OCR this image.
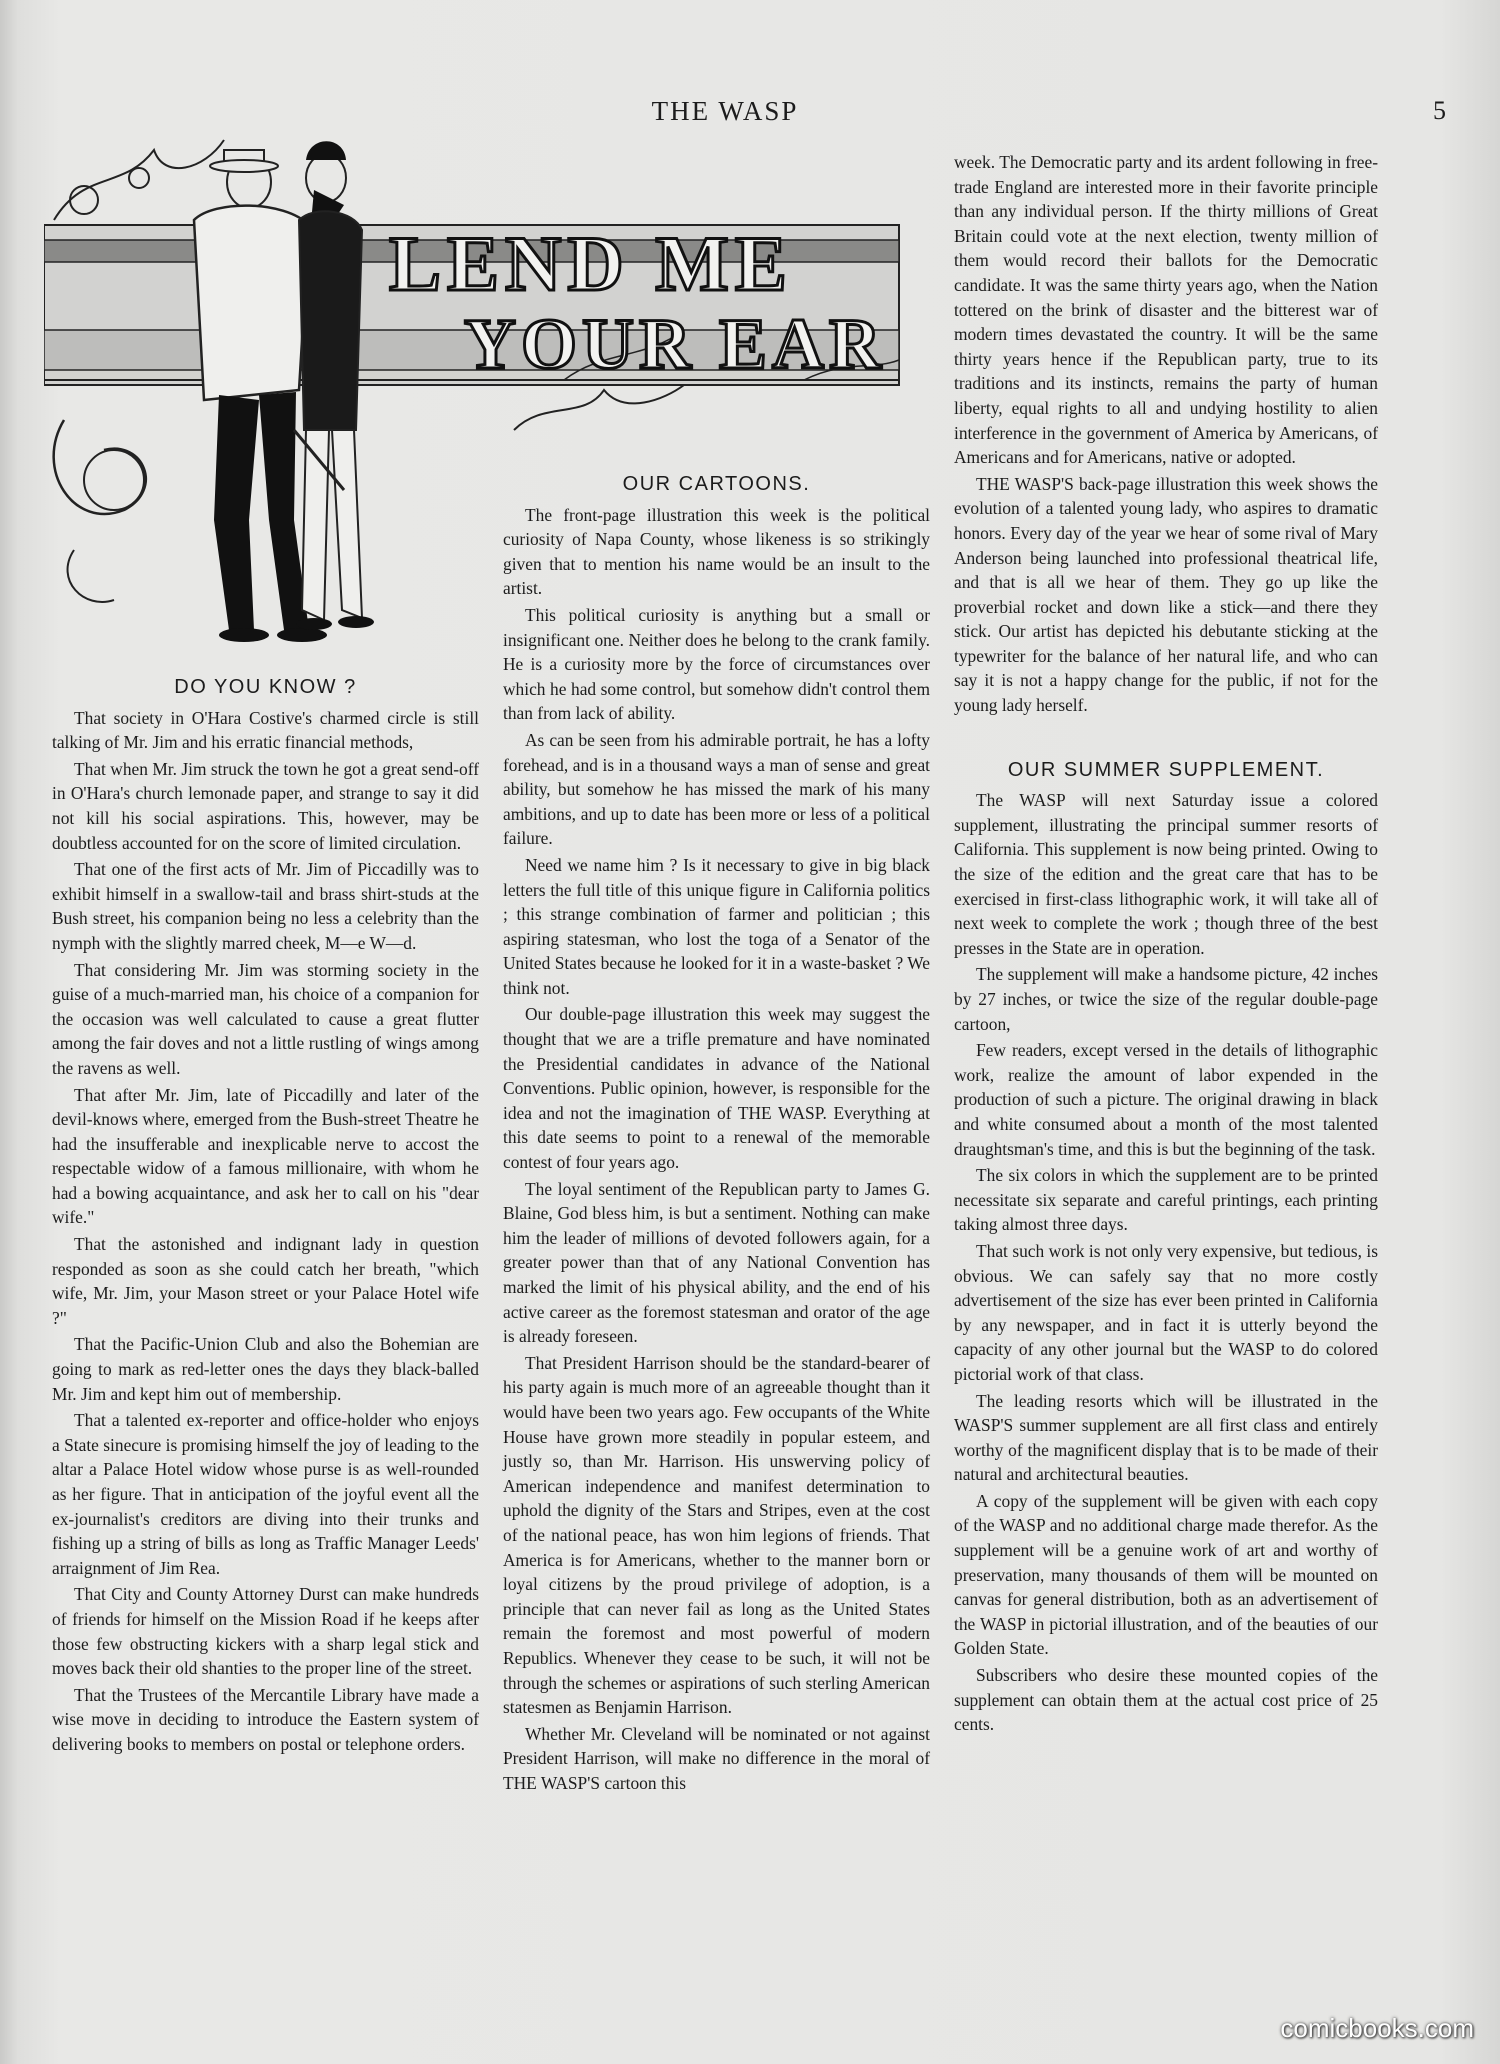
THE WASP	5
LEND ME
YOUR EAR
DO YOU KNOW ?

That society in O'Hara Costive's charmed circle is still talking of Mr. Jim and his erratic financial methods,

That when Mr. Jim struck the town he got a great send-off in O'Hara's church lemonade paper, and strange to say it did not kill his social aspirations. This, however, may be doubtless accounted for on the score of limited circulation.

That one of the first acts of Mr. Jim of Piccadilly was to exhibit himself in a swallow-tail and brass shirt-studs at the Bush street, his companion being no less a celebrity than the nymph with the slightly marred cheek, M—e W—d.

That considering Mr. Jim was storming society in the guise of a much-married man, his choice of a companion for the occasion was well calculated to cause a great flutter among the fair doves and not a little rustling of wings among the ravens as well.

That after Mr. Jim, late of Piccadilly and later of the devil-knows where, emerged from the Bush-street Theatre he had the insufferable and inexplicable nerve to accost the respectable widow of a famous millionaire, with whom he had a bowing acquaintance, and ask her to call on his "dear wife."

That the astonished and indignant lady in question responded as soon as she could catch her breath, "which wife, Mr. Jim, your Mason street or your Palace Hotel wife ?"

That the Pacific-Union Club and also the Bohemian are going to mark as red-letter ones the days they black-balled Mr. Jim and kept him out of membership.

That a talented ex-reporter and office-holder who enjoys a State sinecure is promising himself the joy of leading to the altar a Palace Hotel widow whose purse is as well-rounded as her figure. That in anticipation of the joyful event all the ex-journalist's creditors are diving into their trunks and fishing up a string of bills as long as Traffic Manager Leeds' arraignment of Jim Rea.

That City and County Attorney Durst can make hundreds of friends for himself on the Mission Road if he keeps after those few obstructing kickers with a sharp legal stick and moves back their old shanties to the proper line of the street.

That the Trustees of the Mercantile Library have made a wise move in deciding to introduce the Eastern system of delivering books to members on postal or telephone orders.

OUR CARTOONS.

The front-page illustration this week is the political curiosity of Napa County, whose likeness is so strikingly given that to mention his name would be an insult to the artist.

This political curiosity is anything but a small or insignificant one. Neither does he belong to the crank family. He is a curiosity more by the force of circumstances over which he had some control, but somehow didn't control them than from lack of ability.

As can be seen from his admirable portrait, he has a lofty forehead, and is in a thousand ways a man of sense and great ability, but somehow he has missed the mark of his many ambitions, and up to date has been more or less of a political failure.

Need we name him ? Is it necessary to give in big black letters the full title of this unique figure in California politics ; this strange combination of farmer and politician ; this aspiring statesman, who lost the toga of a Senator of the United States because he looked for it in a waste-basket ? We think not.

Our double-page illustration this week may suggest the thought that we are a trifle premature and have nominated the Presidential candidates in advance of the National Conventions. Public opinion, however, is responsible for the idea and not the imagination of THE WASP. Everything at this date seems to point to a renewal of the memorable contest of four years ago.

The loyal sentiment of the Republican party to James G. Blaine, God bless him, is but a sentiment. Nothing can make him the leader of millions of devoted followers again, for a greater power than that of any National Convention has marked the limit of his physical ability, and the end of his active career as the foremost statesman and orator of the age is already foreseen.

That President Harrison should be the standard-bearer of his party again is much more of an agreeable thought than it would have been two years ago. Few occupants of the White House have grown more steadily in popular esteem, and justly so, than Mr. Harrison. His unswerving policy of American independence and manifest determination to uphold the dignity of the Stars and Stripes, even at the cost of the national peace, has won him legions of friends. That America is for Americans, whether to the manner born or loyal citizens by the proud privilege of adoption, is a principle that can never fail as long as the United States remain the foremost and most powerful of modern Republics. Whenever they cease to be such, it will not be through the schemes or aspirations of such sterling American statesmen as Benjamin Harrison.

Whether Mr. Cleveland will be nominated or not against President Harrison, will make no difference in the moral of THE WASP'S cartoon this

week. The Democratic party and its ardent following in free-trade England are interested more in their favorite principle than any individual person. If the thirty millions of Great Britain could vote at the next election, twenty million of them would record their ballots for the Democratic candidate. It was the same thirty years ago, when the Nation tottered on the brink of disaster and the bitterest war of modern times devastated the country. It will be the same thirty years hence if the Republican party, true to its traditions and its instincts, remains the party of human liberty, equal rights to all and undying hostility to alien interference in the government of America by Americans, of Americans and for Americans, native or adopted.

THE WASP'S back-page illustration this week shows the evolution of a talented young lady, who aspires to dramatic honors. Every day of the year we hear of some rival of Mary Anderson being launched into professional theatrical life, and that is all we hear of them. They go up like the proverbial rocket and down like a stick—and there they stick. Our artist has depicted his debutante sticking at the typewriter for the balance of her natural life, and who can say it is not a happy change for the public, if not for the young lady herself.

OUR SUMMER SUPPLEMENT.

The WASP will next Saturday issue a colored supplement, illustrating the principal summer resorts of California. This supplement is now being printed. Owing to the size of the edition and the great care that has to be exercised in first-class lithographic work, it will take all of next week to complete the work ; though three of the best presses in the State are in operation.

The supplement will make a handsome picture, 42 inches by 27 inches, or twice the size of the regular double-page cartoon,

Few readers, except versed in the details of lithographic work, realize the amount of labor expended in the production of such a picture. The original drawing in black and white consumed about a month of the most talented draughtsman's time, and this is but the beginning of the task.

The six colors in which the supplement are to be printed necessitate six separate and careful printings, each printing taking almost three days.

That such work is not only very expensive, but tedious, is obvious. We can safely say that no more costly advertisement of the size has ever been printed in California by any newspaper, and in fact it is utterly beyond the capacity of any other journal but the WASP to do colored pictorial work of that class.

The leading resorts which will be illustrated in the WASP'S summer supplement are all first class and entirely worthy of the magnificent display that is to be made of their natural and architectural beauties.

A copy of the supplement will be given with each copy of the WASP and no additional charge made therefor. As the supplement will be a genuine work of art and worthy of preservation, many thousands of them will be mounted on canvas for general distribution, both as an advertisement of the WASP in pictorial illustration, and of the beauties of our Golden State.

Subscribers who desire these mounted copies of the supplement can obtain them at the actual cost price of 25 cents.

comicbooks.com
